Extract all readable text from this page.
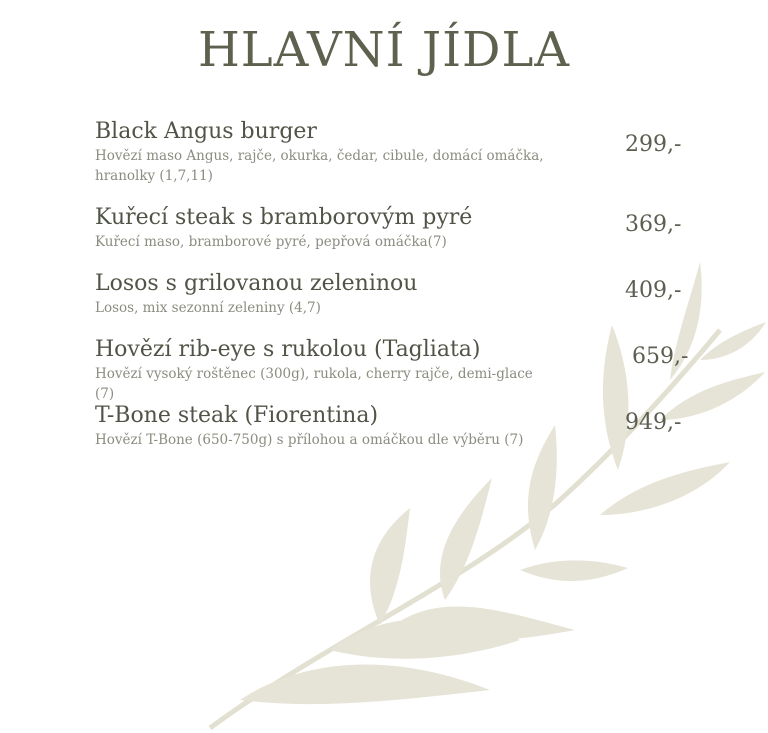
HLAVNÍ JÍDLA
Black Angus burger
Hovězí maso Angus, rajče, okurka, čedar, cibule, domácí omáčka, hranolky (1,7,11)
299,-
Kuřecí steak s bramborovým pyré
Kuřecí maso, bramborové pyré, pepřová omáčka(7)
369,-
Losos s grilovanou zeleninou
Losos, mix sezonní zeleniny (4,7)
409,-
Hovězí rib-eye s rukolou (Tagliata)
Hovězí vysoký roštěnec (300g), rukola, cherry rajče, demi-glace (7)
659,-
T-Bone steak (Fiorentina)
Hovězí T-Bone (650-750g) s přílohou a omáčkou dle výběru (7)
949,-
